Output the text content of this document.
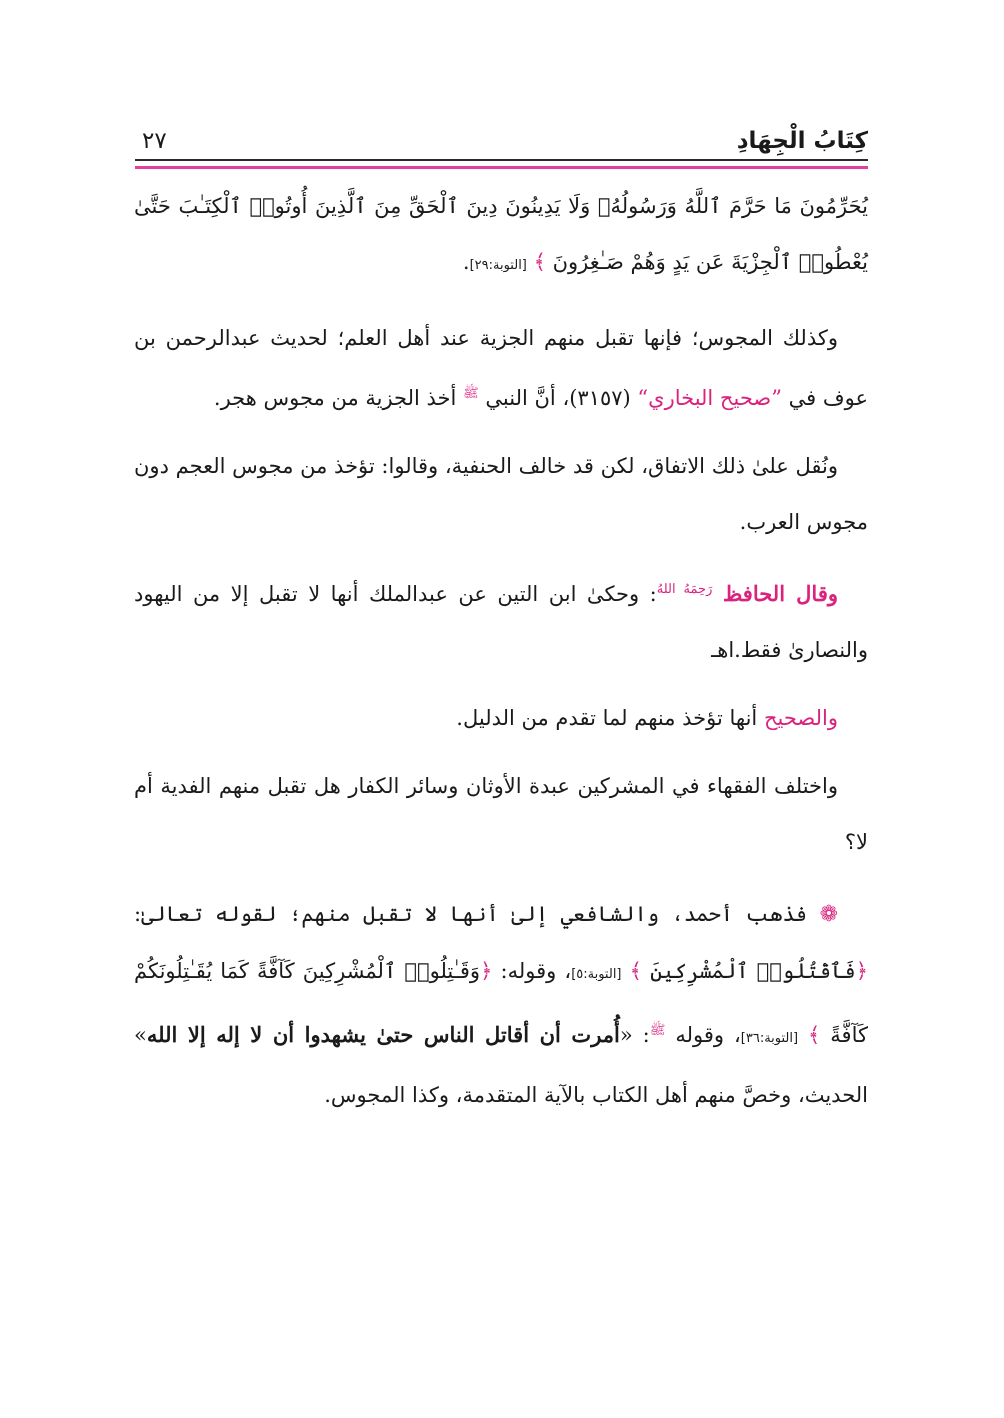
كِتَابُ الْجِهَادِ
٢٧

يُحَرِّمُونَ مَا حَرَّمَ ٱللَّهُ وَرَسُولُهُۥ وَلَا يَدِينُونَ دِينَ ٱلْحَقِّ مِنَ ٱلَّذِينَ أُوتُوا۟ ٱلْكِتَـٰبَ حَتَّىٰ يُعْطُوا۟ ٱلْجِزْيَةَ عَن يَدٍ وَهُمْ صَـٰغِرُونَ ﴾ [التوبة:٢٩].

وكذلك المجوس؛ فإنها تقبل منهم الجزية عند أهل العلم؛ لحديث عبدالرحمن بن عوف في ”صحيح البخاري“ (٣١٥٧)، أنَّ النبي $^ﷺ$ أخذ الجزية من مجوس هجر.

ونُقل علىٰ ذلك الاتفاق، لكن قد خالف الحنفية، وقالوا: تؤخذ من مجوس العجم دون مجوس العرب.

وقال الحافظ $^{رَحِمَهُ اللهُ}$: وحكىٰ ابن التين عن عبدالملك أنها لا تقبل إلا من اليهود والنصارىٰ فقط.اهـ

والصحيح أنها تؤخذ منهم لما تقدم من الدليل.

واختلف الفقهاء في المشركين عبدة الأوثان وسائر الكفار هل تقبل منهم الفدية أم لا؟

❁ فذهب أحمد، والشافعي إلىٰ أنها لا تقبل منهم؛ لقوله تعالىٰ: ﴿فَٱقْتُلُوا۟ ٱلْمُشْرِكِينَ ﴾ [التوبة:٥]، وقوله: ﴿وَقَـٰتِلُوا۟ ٱلْمُشْرِكِينَ كَآفَّةً كَمَا يُقَـٰتِلُونَكُمْ كَآفَّةً ﴾ [التوبة:٣٦]، وقوله $^ﷺ$: «أُمرت أن أقاتل الناس حتىٰ يشهدوا أن لا إله إلا الله» الحديث، وخصَّ منهم أهل الكتاب بالآية المتقدمة، وكذا المجوس.
